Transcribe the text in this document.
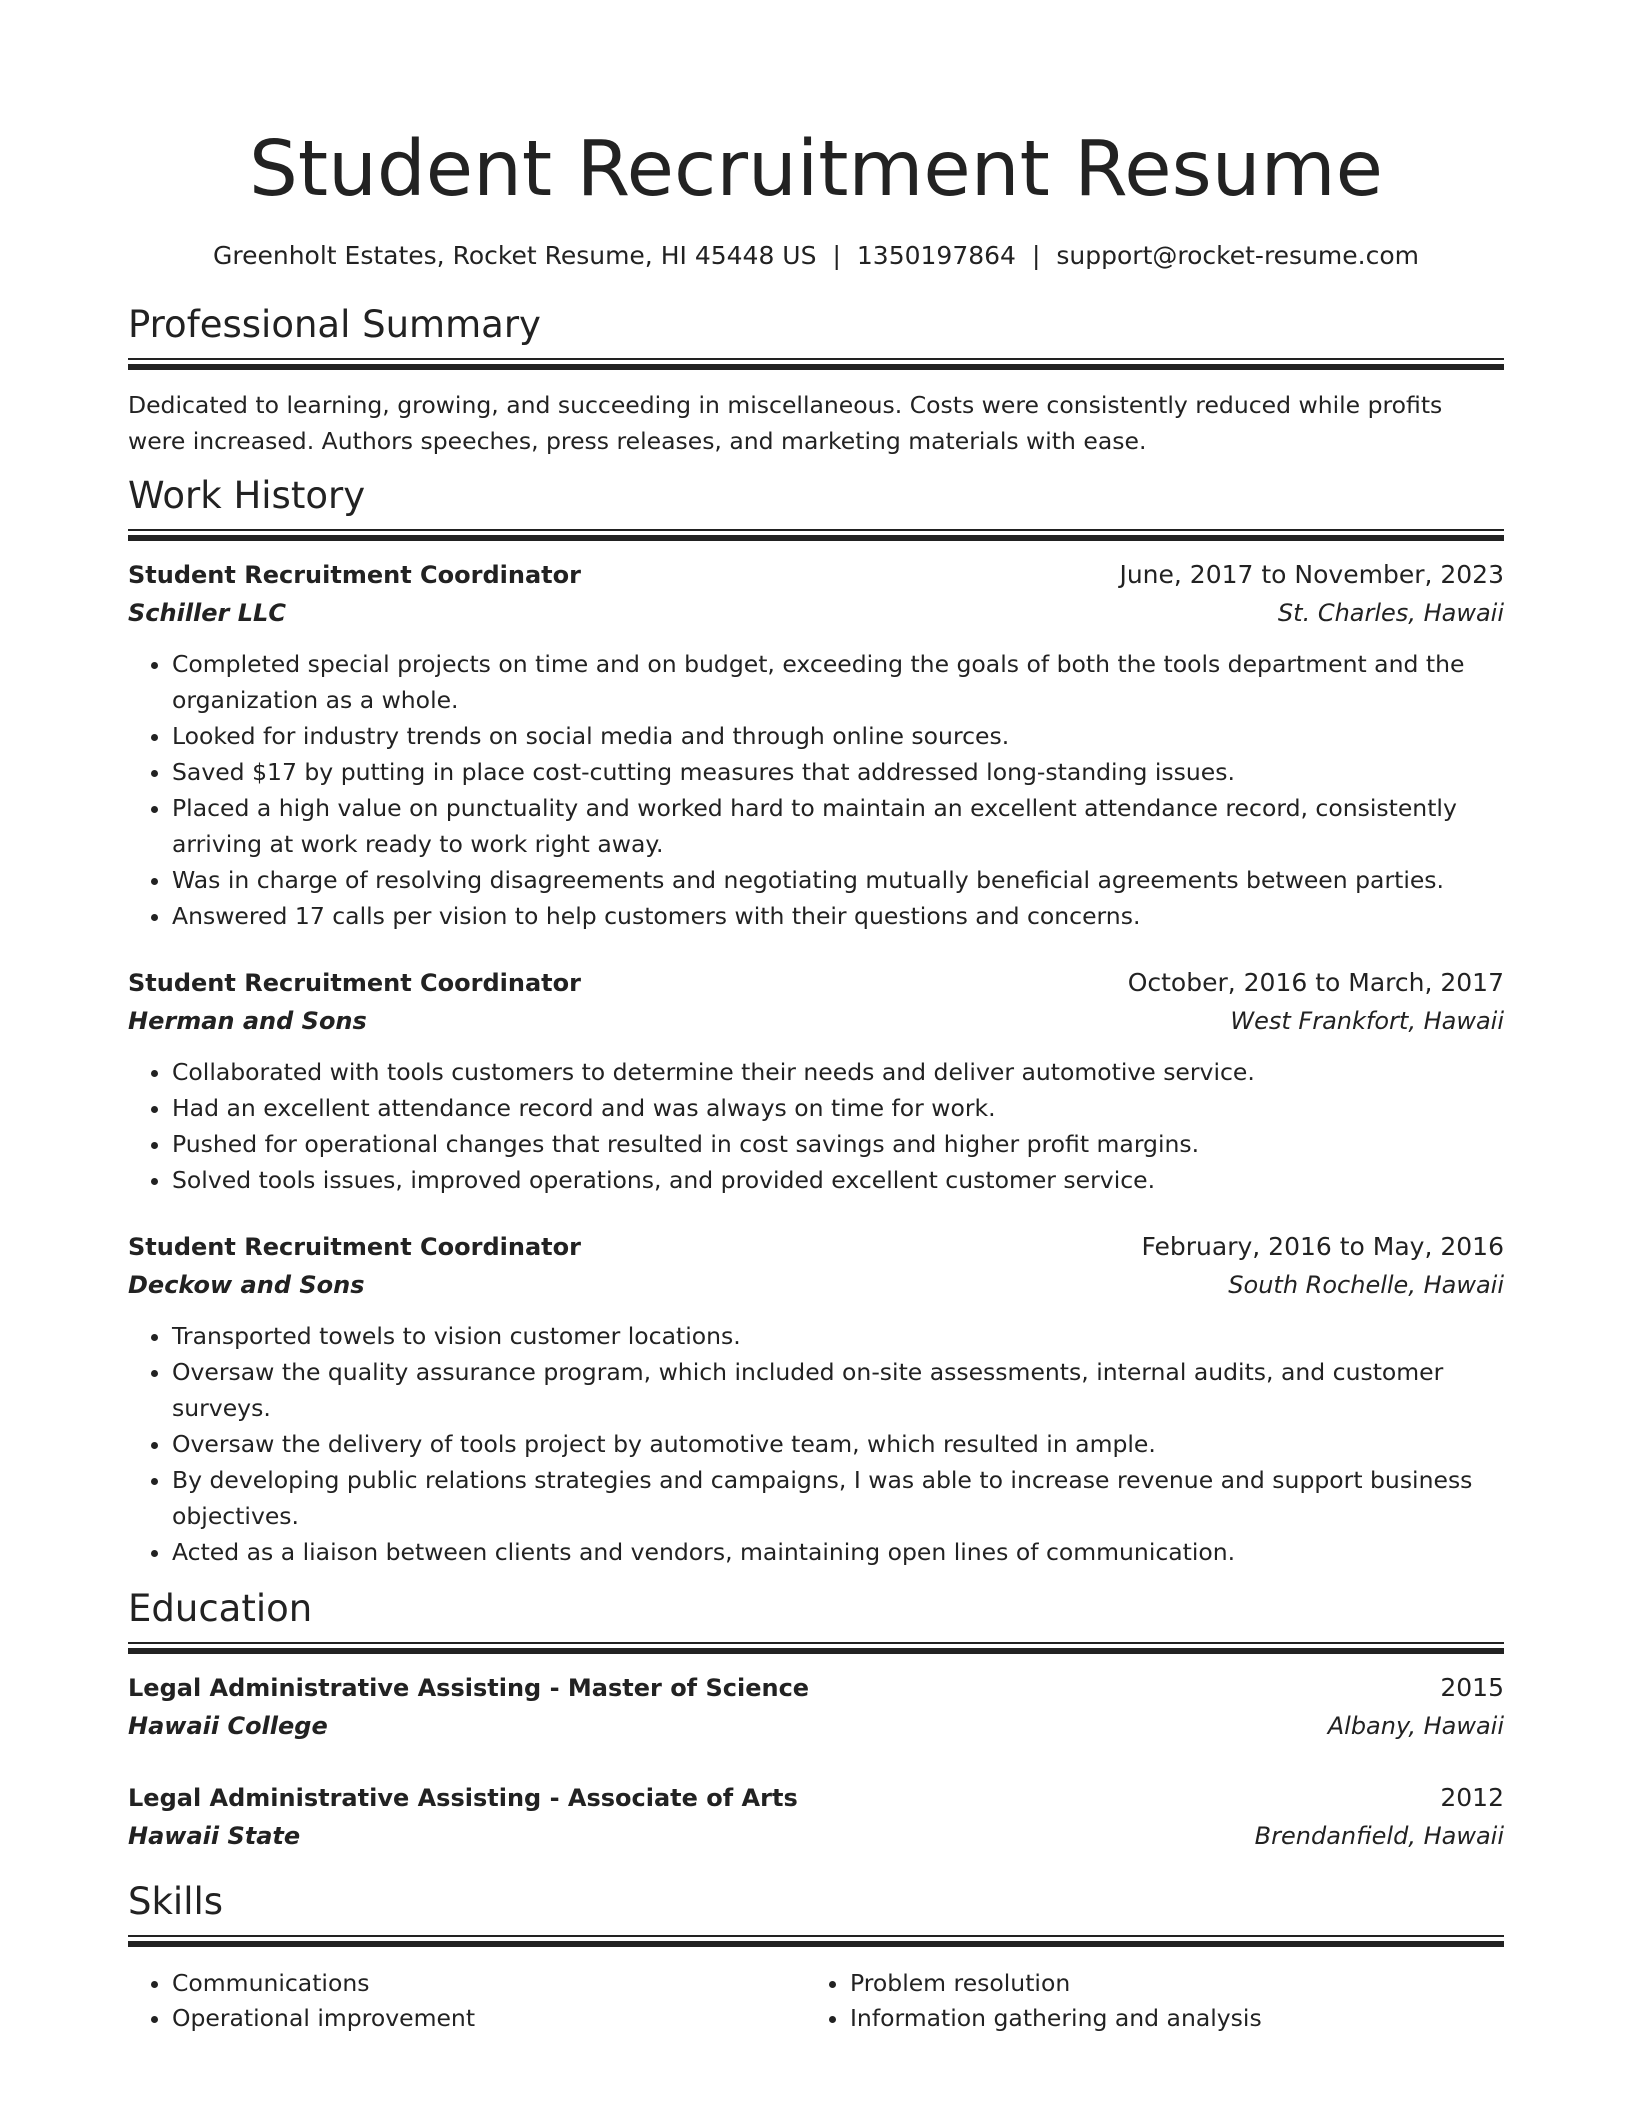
Student Recruitment Resume
Greenholt Estates, Rocket Resume, HI 45448 US | 1350197864 | support@rocket-resume.com
Professional Summary
Dedicated to learning, growing, and succeeding in miscellaneous. Costs were consistently reduced while profits were increased. Authors speeches, press releases, and marketing materials with ease.
Work History
Student Recruitment Coordinator	June, 2017 to November, 2023
Schiller LLC	St. Charles, Hawaii
• Completed special projects on time and on budget, exceeding the goals of both the tools department and the organization as a whole.
• Looked for industry trends on social media and through online sources.
• Saved $17 by putting in place cost-cutting measures that addressed long-standing issues.
• Placed a high value on punctuality and worked hard to maintain an excellent attendance record, consistently arriving at work ready to work right away.
• Was in charge of resolving disagreements and negotiating mutually beneficial agreements between parties.
• Answered 17 calls per vision to help customers with their questions and concerns.
Student Recruitment Coordinator	October, 2016 to March, 2017
Herman and Sons	West Frankfort, Hawaii
• Collaborated with tools customers to determine their needs and deliver automotive service.
• Had an excellent attendance record and was always on time for work.
• Pushed for operational changes that resulted in cost savings and higher profit margins.
• Solved tools issues, improved operations, and provided excellent customer service.
Student Recruitment Coordinator	February, 2016 to May, 2016
Deckow and Sons	South Rochelle, Hawaii
• Transported towels to vision customer locations.
• Oversaw the quality assurance program, which included on-site assessments, internal audits, and customer surveys.
• Oversaw the delivery of tools project by automotive team, which resulted in ample.
• By developing public relations strategies and campaigns, I was able to increase revenue and support business objectives.
• Acted as a liaison between clients and vendors, maintaining open lines of communication.
Education
Legal Administrative Assisting - Master of Science	2015
Hawaii College	Albany, Hawaii
Legal Administrative Assisting - Associate of Arts	2012
Hawaii State	Brendanfield, Hawaii
Skills
• Communications
• Operational improvement
• Problem resolution
• Information gathering and analysis
